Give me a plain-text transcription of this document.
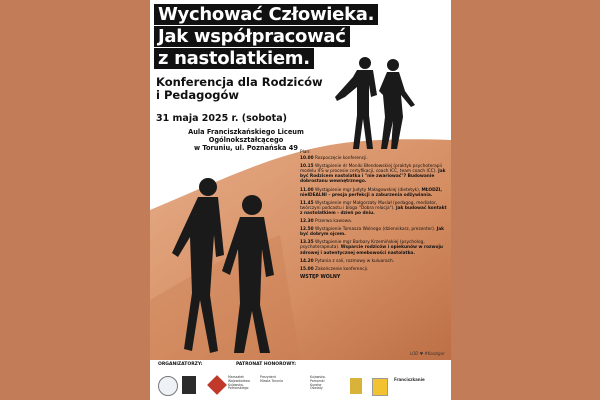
Wychować Człowieka.
Jak współpracować
z nastolatkiem.
Konferencja dla Rodziców
i Pedagogów
31 maja 2025 r. (sobota)
Aula Franciszkańskiego Liceum
Ogólnokształcącego
w Toruniu, ul. Poznańska 49
Plan:
10.00 Rozpoczęcie konferencji.
10.15 Wystąpienie dr Moniki Błendowskiej (praktyk psychoterapii modelu IFS w procesie certyfikacji, coach ICC, team coach ICC). Jak być Rodzicem nastolatka i "nie zwariować"? Budowanie dobrostanu wewnętrznego.
11.00 Wystąpienie mgr Judyty Małagowskiej (dietetyk), MŁODZI, nieIDEALNI – presja perfekcji a zaburzenia odżywiania.
11.45 Wystąpienie mgr Małgorzaty Musiał (pedagog, mediator, twórczyni podcastu i bloga "Dobra relacja"). Jak budować kontakt z nastolatkiem - dzień po dniu.
12.30 Przerwa kawowa.
12.50 Wystąpienie Tomasza Wolnego (dziennikarz, prezenter). Jak być dobrym ojcem.
13.35 Wystąpienie mgr Barbary Krzemińskiej (psycholog, psychoterapeuta). Wsparcie rodziców i opiekunów w rozwoju zdrowej i autentycznej emebowości nastolatka.
14.20 Pytania z sali, rozmowy w kuluarach.
15.00 Zakończenie konferencji.
WSTĘP WOLNY
LOD ♥ #Kaszlgor
ORGANIZATORZY:	PATRONAT HONOROWY:
Marszałek Województwa Kujawsko-Pomorskiego
Prezydent Miasta Torunia
Kujawsko-Pomorski Kurator Oświaty
Franciszkanie
